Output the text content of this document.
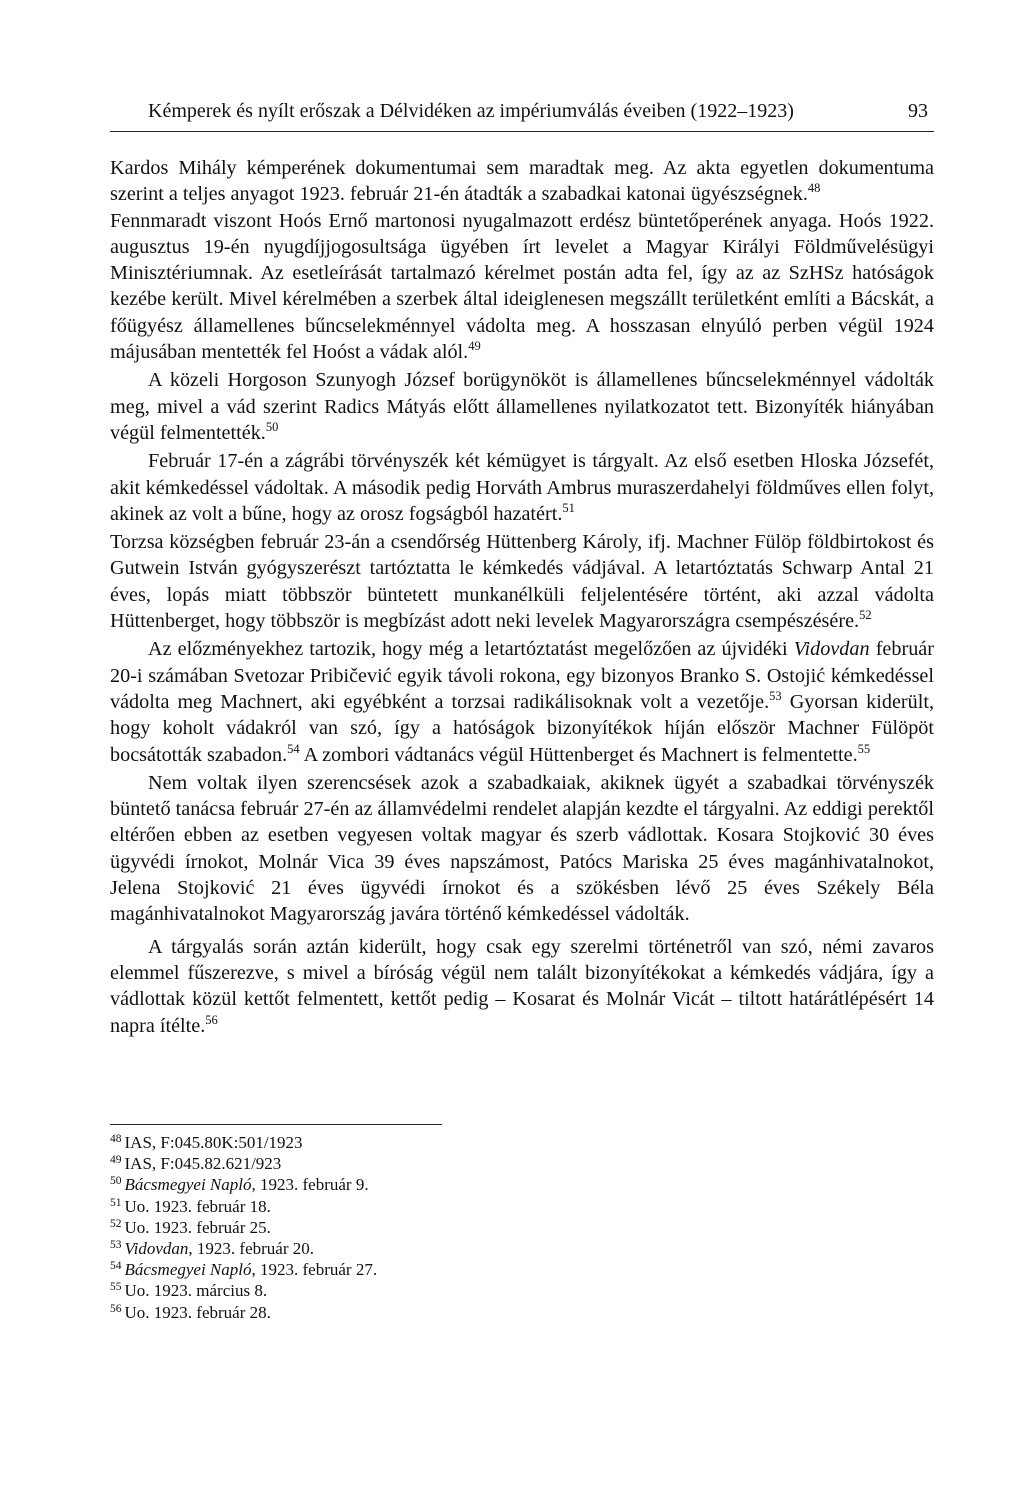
Kémperek és nyílt erőszak a Délvidéken az impériumválás éveiben (1922–1923)	93

Kardos Mihály kémperének dokumentumai sem maradtak meg. Az akta egyetlen dokumentuma szerint a teljes anyagot 1923. február 21-én átadták a szabadkai katonai ügyészségnek.$^{48}$

Fennmaradt viszont Hoós Ernő martonosi nyugalmazott erdész büntetőperének anyaga. Hoós 1922. augusztus 19-én nyugdíjjogosultsága ügyében írt levelet a Magyar Királyi Földművelésügyi Minisztériumnak. Az esetleírását tartalmazó kérelmet postán adta fel, így az az SzHSz hatóságok kezébe került. Mivel kérelmében a szerbek által ideiglenesen megszállt területként említi a Bácskát, a főügyész államellenes bűncselekménnyel vádolta meg. A hosszasan elnyúló perben végül 1924 májusában mentették fel Hoóst a vádak alól.$^{49}$

A közeli Horgoson Szunyogh József borügynököt is államellenes bűncselekménnyel vádolták meg, mivel a vád szerint Radics Mátyás előtt államellenes nyilatkozatot tett. Bizonyíték hiányában végül felmentették.$^{50}$

Február 17-én a zágrábi törvényszék két kémügyet is tárgyalt. Az első esetben Hloska Józsefét, akit kémkedéssel vádoltak. A második pedig Horváth Ambrus muraszerdahelyi földműves ellen folyt, akinek az volt a bűne, hogy az orosz fogságból hazatért.$^{51}$

Torzsa községben február 23-án a csendőrség Hüttenberg Károly, ifj. Machner Fülöp földbirtokost és Gutwein István gyógyszerészt tartóztatta le kémkedés vádjával. A letartóztatás Schwarp Antal 21 éves, lopás miatt többször büntetett munkanélküli feljelentésére történt, aki azzal vádolta Hüttenberget, hogy többször is megbízást adott neki levelek Magyarországra csempészésére.$^{52}$

Az előzményekhez tartozik, hogy még a letartóztatást megelőzően az újvidéki Vidovdan február 20-i számában Svetozar Pribičević egyik távoli rokona, egy bizonyos Branko S. Ostojić kémkedéssel vádolta meg Machnert, aki egyébként a torzsai radikálisoknak volt a vezetője.$^{53}$ Gyorsan kiderült, hogy koholt vádakról van szó, így a hatóságok bizonyítékok híján először Machner Fülöpöt bocsátották szabadon.$^{54}$ A zombori vádtanács végül Hüttenberget és Machnert is felmentette.$^{55}$

Nem voltak ilyen szerencsések azok a szabadkaiak, akiknek ügyét a szabadkai törvényszék büntető tanácsa február 27-én az államvédelmi rendelet alapján kezdte el tárgyalni. Az eddigi perektől eltérően ebben az esetben vegyesen voltak magyar és szerb vádlottak. Kosara Stojković 30 éves ügyvédi írnokot, Molnár Vica 39 éves napszámost, Patócs Mariska 25 éves magánhivatalnokot, Jelena Stojković 21 éves ügyvédi írnokot és a szökésben lévő 25 éves Székely Béla magánhivatalnokot Magyarország javára történő kémkedéssel vádolták.

A tárgyalás során aztán kiderült, hogy csak egy szerelmi történetről van szó, némi zavaros elemmel fűszerezve, s mivel a bíróság végül nem talált bizonyítékokat a kémkedés vádjára, így a vádlottak közül kettőt felmentett, kettőt pedig – Kosarat és Molnár Vicát – tiltott határátlépésért 14 napra ítélte.$^{56}$

$^{48}$ IAS, F:045.80K:501/1923
$^{49}$ IAS, F:045.82.621/923
$^{50}$ Bácsmegyei Napló, 1923. február 9.
$^{51}$ Uo. 1923. február 18.
$^{52}$ Uo. 1923. február 25.
$^{53}$ Vidovdan, 1923. február 20.
$^{54}$ Bácsmegyei Napló, 1923. február 27.
$^{55}$ Uo. 1923. március 8.
$^{56}$ Uo. 1923. február 28.
